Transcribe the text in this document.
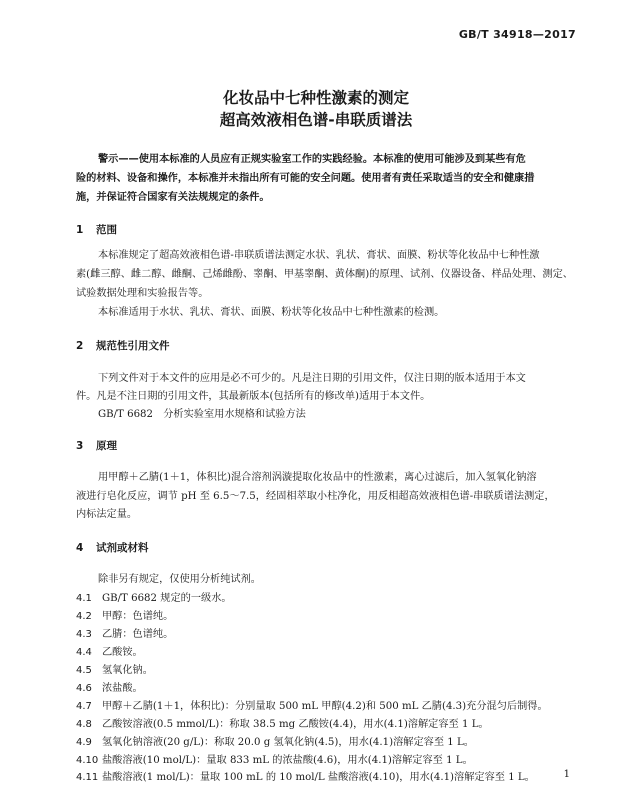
GB/T 34918—2017
化妆品中七种性激素的测定
超高效液相色谱-串联质谱法

警示——使用本标准的人员应有正规实验室工作的实践经验。本标准的使用可能涉及到某些有危

险的材料、设备和操作，本标准并未指出所有可能的安全问题。使用者有责任采取适当的安全和健康措

施，并保证符合国家有关法规规定的条件。

1 范围
本标准规定了超高效液相色谱-串联质谱法测定水状、乳状、膏状、面膜、粉状等化妆品中七种性激
素(雌三醇、雌二醇、雌酮、己烯雌酚、睾酮、甲基睾酮、黄体酮)的原理、试剂、仪器设备、样品处理、测定、
试验数据处理和实验报告等。
本标准适用于水状、乳状、膏状、面膜、粉状等化妆品中七种性激素的检测。
2 规范性引用文件
下列文件对于本文件的应用是必不可少的。凡是注日期的引用文件，仅注日期的版本适用于本文
件。凡是不注日期的引用文件，其最新版本(包括所有的修改单)适用于本文件。
GB/T 6682　分析实验室用水规格和试验方法
3 原理
用甲醇＋乙腈(1＋1，体积比)混合溶剂涡漩提取化妆品中的性激素，离心过滤后，加入氢氧化钠溶
液进行皂化反应，调节 pH 至 6.5～7.5，经固相萃取小柱净化，用反相超高效液相色谱-串联质谱法测定，
内标法定量。
4 试剂或材料
除非另有规定，仅使用分析纯试剂。
4.1 GB/T 6682 规定的一级水。
4.2 甲醇：色谱纯。
4.3 乙腈：色谱纯。
4.4 乙酸铵。
4.5 氢氧化钠。
4.6 浓盐酸。
4.7 甲醇＋乙腈(1＋1，体积比)：分别量取 500 mL 甲醇(4.2)和 500 mL 乙腈(4.3)充分混匀后制得。
4.8 乙酸铵溶液(0.5 mmol/L)：称取 38.5 mg 乙酸铵(4.4)，用水(4.1)溶解定容至 1 L。
4.9 氢氧化钠溶液(20 g/L)：称取 20.0 g 氢氧化钠(4.5)，用水(4.1)溶解定容至 1 L。
4.10 盐酸溶液(10 mol/L)：量取 833 mL 的浓盐酸(4.6)，用水(4.1)溶解定容至 1 L。
4.11 盐酸溶液(1 mol/L)：量取 100 mL 的 10 mol/L 盐酸溶液(4.10)，用水(4.1)溶解定容至 1 L。	1
